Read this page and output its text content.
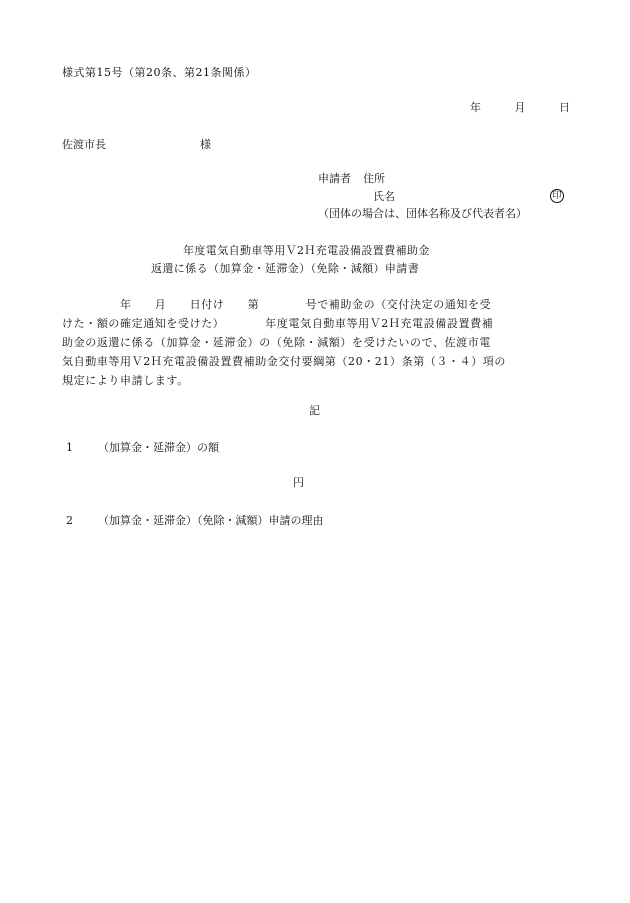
様式第15号（第20条、第21条関係）
年	月	日
佐渡市長	様
申請者 住所
氏名	印
（団体の場合は、団体名称及び代表者名）
年度電気自動車等用Ｖ2Ｈ充電設備設置費補助金
返還に係る（加算金・延滞金）（免除・減額）申請書
　　　　　年　　月　　日付け　　第　　　　号で補助金の（交付決定の通知を受
けた・額の確定通知を受けた）　　　　年度電気自動車等用Ｖ2Ｈ充電設備設置費補
助金の返還に係る（加算金・延滞金）の（免除・減額）を受けたいので、佐渡市電
気自動車等用Ｖ2Ｈ充電設備設置費補助金交付要綱第（20・21）条第（３・４）項の
規定により申請します。
記
1 （加算金・延滞金）の額
円
2 （加算金・延滞金）（免除・減額）申請の理由
